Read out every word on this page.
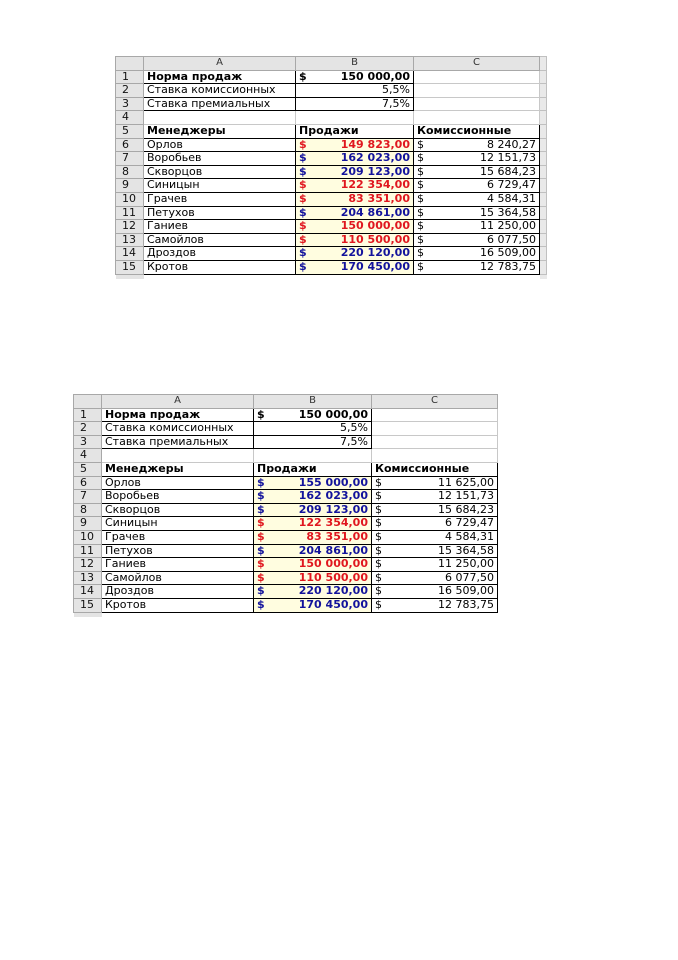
	A	B	C	
1	Норма продаж	$ 150 000,00		

2	Ставка комиссионных	5,5%		
3	Ставка премиальных	7,5%		
4				
5	Менеджеры	Продажи	Комиссионные	
6	Орлов	$ 149 823,00	$ 8 240,27	

7	Воробьев	$ 162 023,00	$ 12 151,73	

8	Скворцов	$ 209 123,00	$ 15 684,23	

9	Синицын	$ 122 354,00	$ 6 729,47	

10	Грачев	$ 83 351,00	$ 4 584,31	

11	Петухов	$ 204 861,00	$ 15 364,58	

12	Ганиев	$ 150 000,00	$ 11 250,00	

13	Самойлов	$ 110 500,00	$ 6 077,50	

14	Дроздов	$ 220 120,00	$ 16 509,00	

15	Кротов	$ 170 450,00	$ 12 783,75	

	A	B	C
1	Норма продаж	$ 150 000,00	

2	Ставка комиссионных	5,5%	
3	Ставка премиальных	7,5%	
4			
5	Менеджеры	Продажи	Комиссионные
6	Орлов	$ 155 000,00	$ 11 625,00

7	Воробьев	$ 162 023,00	$ 12 151,73

8	Скворцов	$ 209 123,00	$ 15 684,23

9	Синицын	$ 122 354,00	$ 6 729,47

10	Грачев	$ 83 351,00	$ 4 584,31

11	Петухов	$ 204 861,00	$ 15 364,58

12	Ганиев	$ 150 000,00	$ 11 250,00

13	Самойлов	$ 110 500,00	$ 6 077,50

14	Дроздов	$ 220 120,00	$ 16 509,00

15	Кротов	$ 170 450,00	$ 12 783,75
